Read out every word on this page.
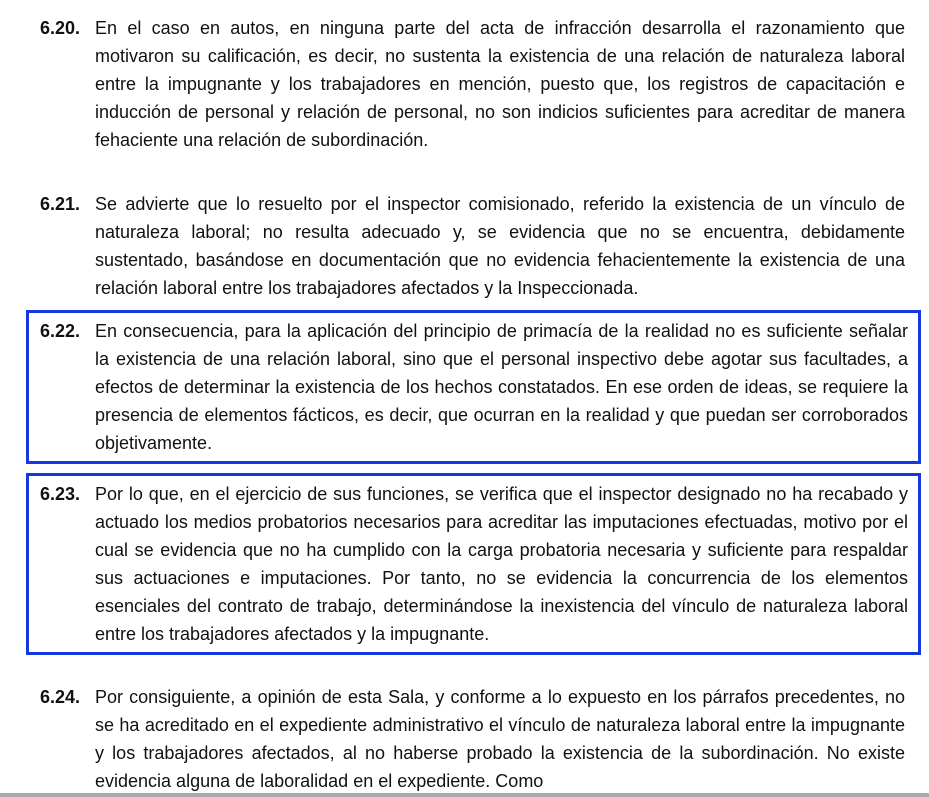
6.20. En el caso en autos, en ninguna parte del acta de infracción desarrolla el razonamiento que motivaron su calificación, es decir, no sustenta la existencia de una relación de naturaleza laboral entre la impugnante y los trabajadores en mención, puesto que, los registros de capacitación e inducción de personal y relación de personal, no son indicios suficientes para acreditar de manera fehaciente una relación de subordinación.

6.21. Se advierte que lo resuelto por el inspector comisionado, referido la existencia de un vínculo de naturaleza laboral; no resulta adecuado y, se evidencia que no se encuentra, debidamente sustentado, basándose en documentación que no evidencia fehacientemente la existencia de una relación laboral entre los trabajadores afectados y la Inspeccionada.

6.22. En consecuencia, para la aplicación del principio de primacía de la realidad no es suficiente señalar la existencia de una relación laboral, sino que el personal inspectivo debe agotar sus facultades, a efectos de determinar la existencia de los hechos constatados. En ese orden de ideas, se requiere la presencia de elementos fácticos, es decir, que ocurran en la realidad y que puedan ser corroborados objetivamente.

6.23. Por lo que, en el ejercicio de sus funciones, se verifica que el inspector designado no ha recabado y actuado los medios probatorios necesarios para acreditar las imputaciones efectuadas, motivo por el cual se evidencia que no ha cumplido con la carga probatoria necesaria y suficiente para respaldar sus actuaciones e imputaciones. Por tanto, no se evidencia la concurrencia de los elementos esenciales del contrato de trabajo, determinándose la inexistencia del vínculo de naturaleza laboral entre los trabajadores afectados y la impugnante.

6.24. Por consiguiente, a opinión de esta Sala, y conforme a lo expuesto en los párrafos precedentes, no se ha acreditado en el expediente administrativo el vínculo de naturaleza laboral entre la impugnante y los trabajadores afectados, al no haberse probado la existencia de la subordinación. No existe evidencia alguna de laboralidad en el expediente. Como
